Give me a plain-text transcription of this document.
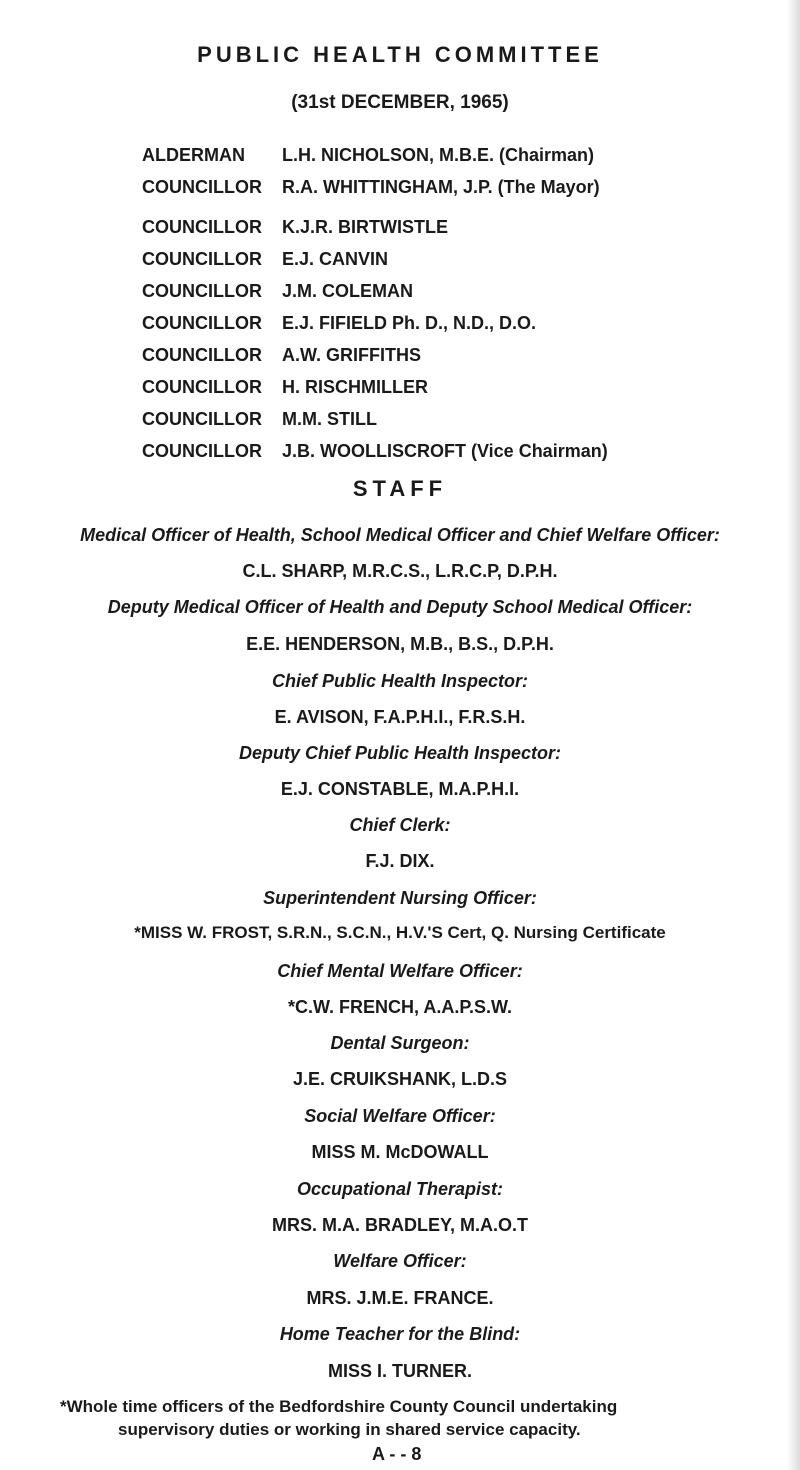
PUBLIC HEALTH COMMITTEE
(31st DECEMBER, 1965)
ALDERMAN L.H. NICHOLSON, M.B.E. (Chairman)
COUNCILLOR R.A. WHITTINGHAM, J.P. (The Mayor)
COUNCILLOR K.J.R. BIRTWISTLE
COUNCILLOR E.J. CANVIN
COUNCILLOR J.M. COLEMAN
COUNCILLOR E.J. FIFIELD Ph. D., N.D., D.O.
COUNCILLOR A.W. GRIFFITHS
COUNCILLOR H. RISCHMILLER
COUNCILLOR M.M. STILL
COUNCILLOR J.B. WOOLLISCROFT (Vice Chairman)
STAFF
Medical Officer of Health, School Medical Officer and Chief Welfare Officer:
C.L. SHARP, M.R.C.S., L.R.C.P, D.P.H.
Deputy Medical Officer of Health and Deputy School Medical Officer:
E.E. HENDERSON, M.B., B.S., D.P.H.
Chief Public Health Inspector:
E. AVISON, F.A.P.H.I., F.R.S.H.
Deputy Chief Public Health Inspector:
E.J. CONSTABLE, M.A.P.H.I.
Chief Clerk:
F.J. DIX.
Superintendent Nursing Officer:
*MISS W. FROST, S.R.N., S.C.N., H.V.'S Cert, Q. Nursing Certificate
Chief Mental Welfare Officer:
*C.W. FRENCH, A.A.P.S.W.
Dental Surgeon:
J.E. CRUIKSHANK, L.D.S
Social Welfare Officer:
MISS M. McDOWALL
Occupational Therapist:
MRS. M.A. BRADLEY, M.A.O.T
Welfare Officer:
MRS. J.M.E. FRANCE.
Home Teacher for the Blind:
MISS I. TURNER.
*Whole time officers of the Bedfordshire County Council undertaking
supervisory duties or working in shared service capacity.
A - - 8
